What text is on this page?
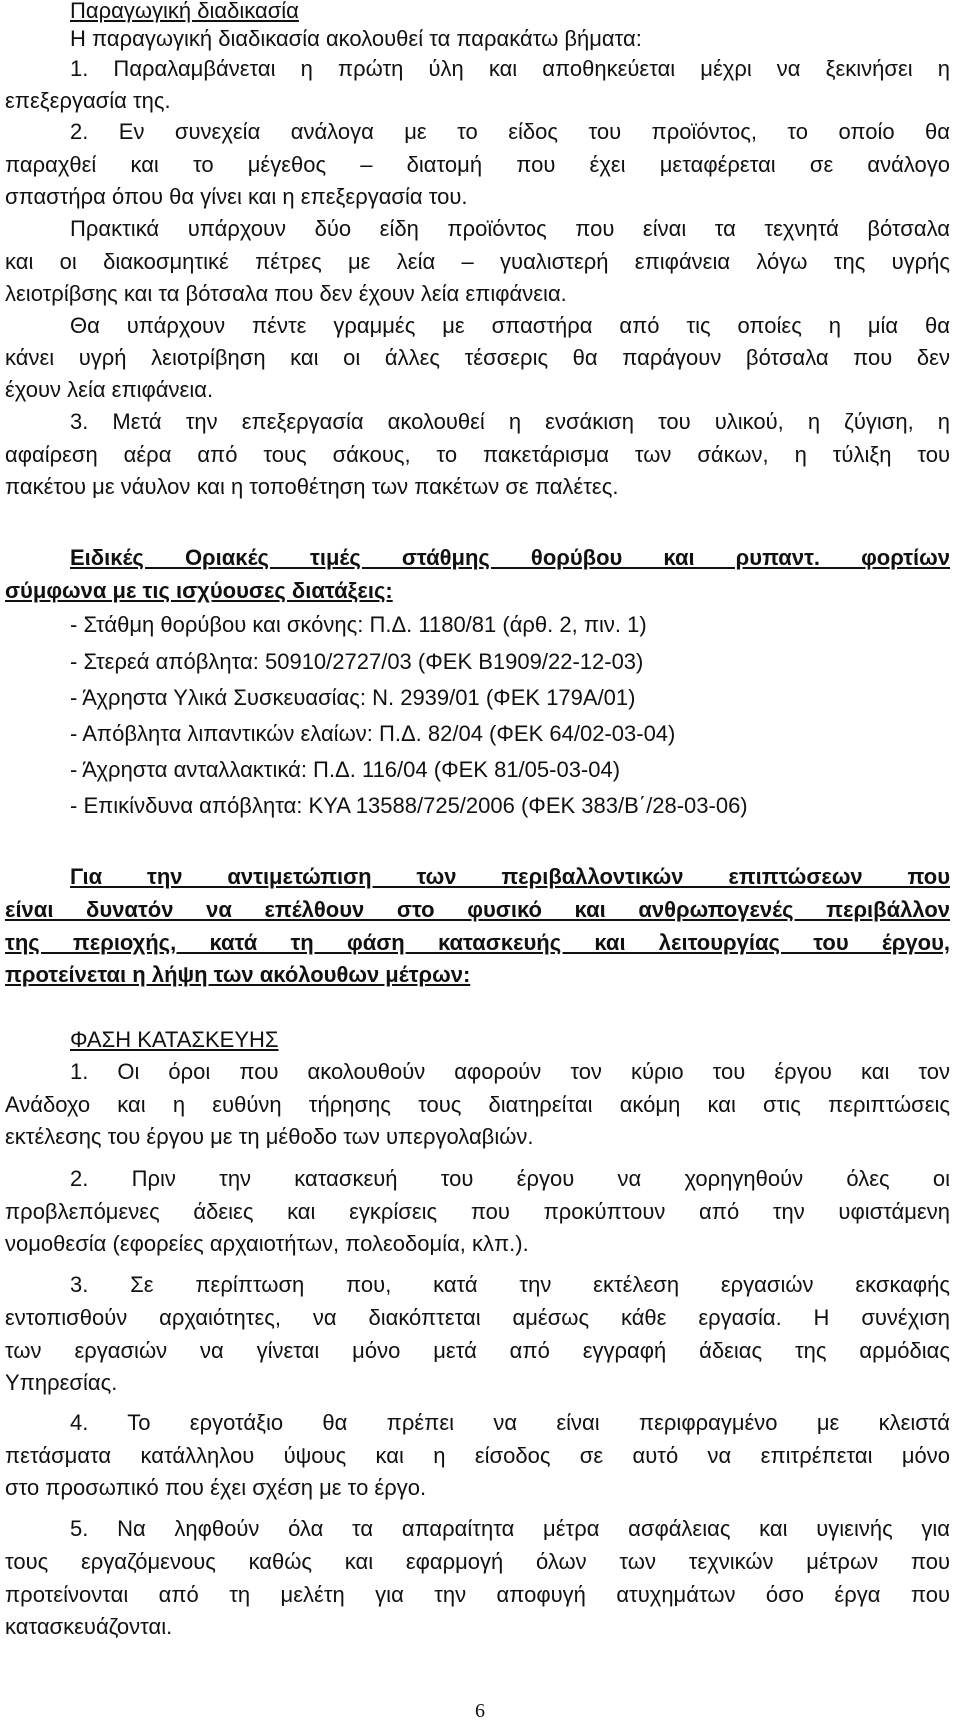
Παραγωγική διαδικασία
Η παραγωγική διαδικασία ακολουθεί τα παρακάτω βήματα:
1. Παραλαμβάνεται η πρώτη ύλη και αποθηκεύεται μέχρι να ξεκινήσει η
επεξεργασία της.
2. Εν συνεχεία ανάλογα με το είδος του προϊόντος, το οποίο θα
παραχθεί και το μέγεθος – διατομή που έχει μεταφέρεται σε ανάλογο
σπαστήρα όπου θα γίνει και η επεξεργασία του.
Πρακτικά υπάρχουν δύο είδη προϊόντος που είναι τα τεχνητά βότσαλα
και οι διακοσμητικέ πέτρες με λεία – γυαλιστερή επιφάνεια λόγω της υγρής
λειοτρίβσης και τα βότσαλα που δεν έχουν λεία επιφάνεια.
Θα υπάρχουν πέντε γραμμές με σπαστήρα από τις οποίες η μία θα
κάνει υγρή λειοτρίβηση και οι άλλες τέσσερις θα παράγουν βότσαλα που δεν
έχουν λεία επιφάνεια.
3. Μετά την επεξεργασία ακολουθεί η ενσάκιση του υλικού, η ζύγιση, η
αφαίρεση αέρα από τους σάκους, το πακετάρισμα των σάκων, η τύλιξη του
πακέτου με νάυλον και η τοποθέτηση των πακέτων σε παλέτες.
Ειδικές Οριακές τιμές στάθμης θορύβου και ρυπαντ. φορτίων
σύμφωνα με τις ισχύουσες διατάξεις:
- Στάθμη θορύβου και σκόνης: Π.Δ. 1180/81 (άρθ. 2, πιν. 1)
- Στερεά απόβλητα: 50910/2727/03 (ΦΕΚ Β1909/22-12-03)
- Άχρηστα Υλικά Συσκευασίας: Ν. 2939/01 (ΦΕΚ 179Α/01)
- Απόβλητα λιπαντικών ελαίων: Π.Δ. 82/04 (ΦΕΚ 64/02-03-04)
- Άχρηστα ανταλλακτικά: Π.Δ. 116/04 (ΦΕΚ 81/05-03-04)
- Επικίνδυνα απόβλητα: ΚΥΑ 13588/725/2006 (ΦΕΚ 383/Β΄/28-03-06)
Για την αντιμετώπιση των περιβαλλοντικών επιπτώσεων που
είναι δυνατόν να επέλθουν στο φυσικό και ανθρωπογενές περιβάλλον
της περιοχής, κατά τη φάση κατασκευής και λειτουργίας του έργου,
προτείνεται η λήψη των ακόλουθων μέτρων:
ΦΑΣΗ ΚΑΤΑΣΚΕΥΗΣ
1. Οι όροι που ακολουθούν αφορούν τον κύριο του έργου και τον
Ανάδοχο και η ευθύνη τήρησης τους διατηρείται ακόμη και στις περιπτώσεις
εκτέλεσης του έργου με τη μέθοδο των υπεργολαβιών.
2. Πριν την κατασκευή του έργου να χορηγηθούν όλες οι
προβλεπόμενες άδειες και εγκρίσεις που προκύπτουν από την υφιστάμενη
νομοθεσία (εφορείες αρχαιοτήτων, πολεοδομία, κλπ.).
3. Σε περίπτωση που, κατά την εκτέλεση εργασιών εκσκαφής
εντοπισθούν αρχαιότητες, να διακόπτεται αμέσως κάθε εργασία. Η συνέχιση
των εργασιών να γίνεται μόνο μετά από εγγραφή άδειας της αρμόδιας
Υπηρεσίας.
4. Το εργοτάξιο θα πρέπει να είναι περιφραγμένο με κλειστά
πετάσματα κατάλληλου ύψους και η είσοδος σε αυτό να επιτρέπεται μόνο
στο προσωπικό που έχει σχέση με το έργο.
5. Να ληφθούν όλα τα απαραίτητα μέτρα ασφάλειας και υγιεινής για
τους εργαζόμενους καθώς και εφαρμογή όλων των τεχνικών μέτρων που
προτείνονται από τη μελέτη για την αποφυγή ατυχημάτων όσο έργα που
κατασκευάζονται.
6
